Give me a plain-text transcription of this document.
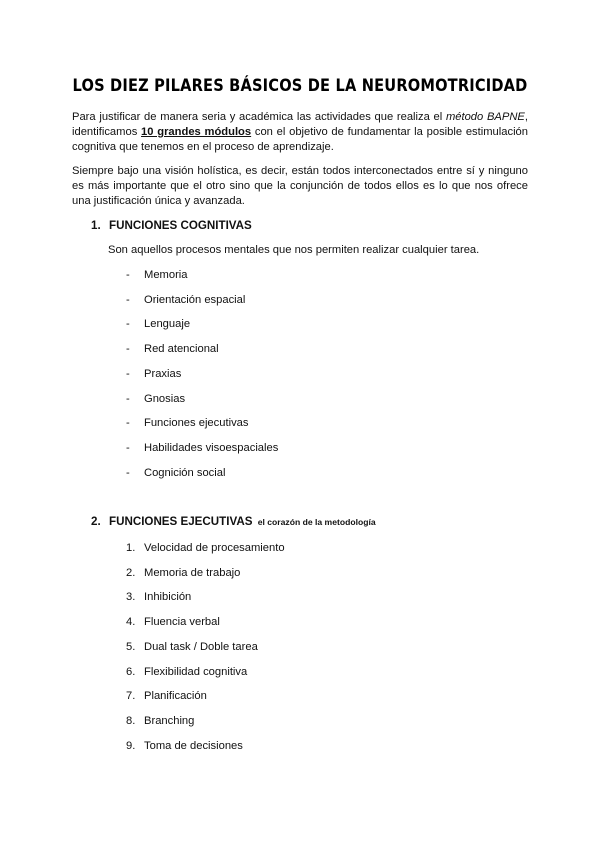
LOS DIEZ PILARES BÁSICOS DE LA NEUROMOTRICIDAD

Para justificar de manera seria y académica las actividades que realiza el método BAPNE, identificamos 10 grandes módulos con el objetivo de fundamentar la posible estimulación cognitiva que tenemos en el proceso de aprendizaje.

Siempre bajo una visión holística, es decir, están todos interconectados entre sí y ninguno es más importante que el otro sino que la conjunción de todos ellos es lo que nos ofrece una justificación única y avanzada.

1. FUNCIONES COGNITIVAS
Son aquellos procesos mentales que nos permiten realizar cualquier tarea.
- Memoria
- Orientación espacial
- Lenguaje
- Red atencional
- Praxias
- Gnosias
- Funciones ejecutivas
- Habilidades visoespaciales
- Cognición social
2. FUNCIONES EJECUTIVAS el corazón de la metodología
1. Velocidad de procesamiento
2. Memoria de trabajo
3. Inhibición
4. Fluencia verbal
5. Dual task / Doble tarea
6. Flexibilidad cognitiva
7. Planificación
8. Branching
9. Toma de decisiones
